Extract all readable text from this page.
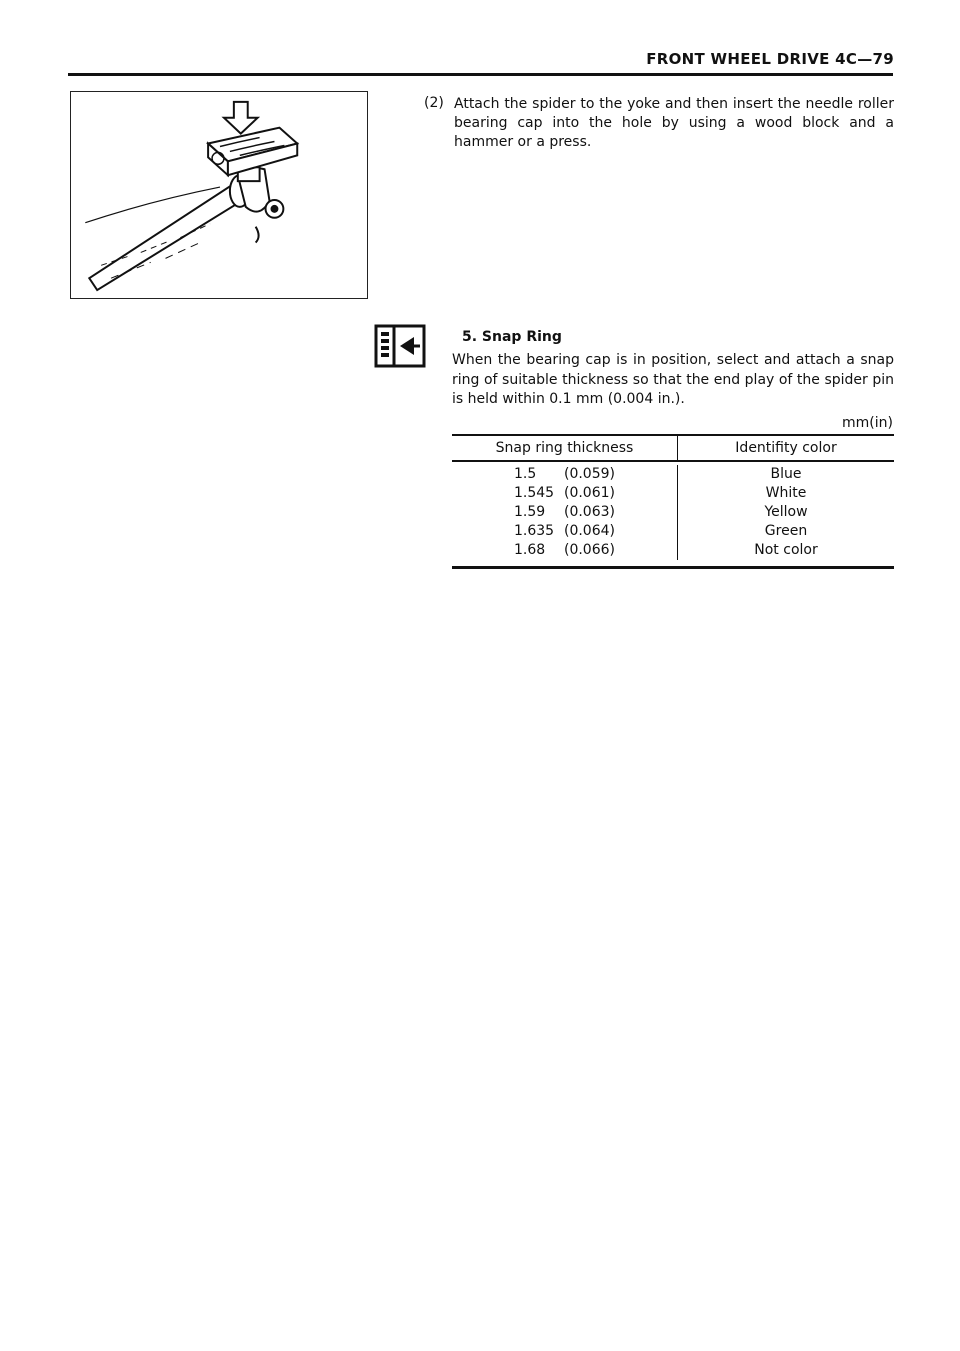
FRONT WHEEL DRIVE 4C—79
(2) Attach the spider to the yoke and then insert the needle roller bearing cap into the hole by using a wood block and a hammer or a press.
5. Snap Ring
When the bearing cap is in position, select and attach a snap ring of suitable thickness so that the end play of the spider pin is held within 0.1 mm (0.004 in.).
mm(in)
Snap ring thickness	Identifity color
1.5 (0.059)
1.545 (0.061)
1.59 (0.063)
1.635 (0.064)
1.68 (0.066)
Blue
White
Yellow
Green
Not color
